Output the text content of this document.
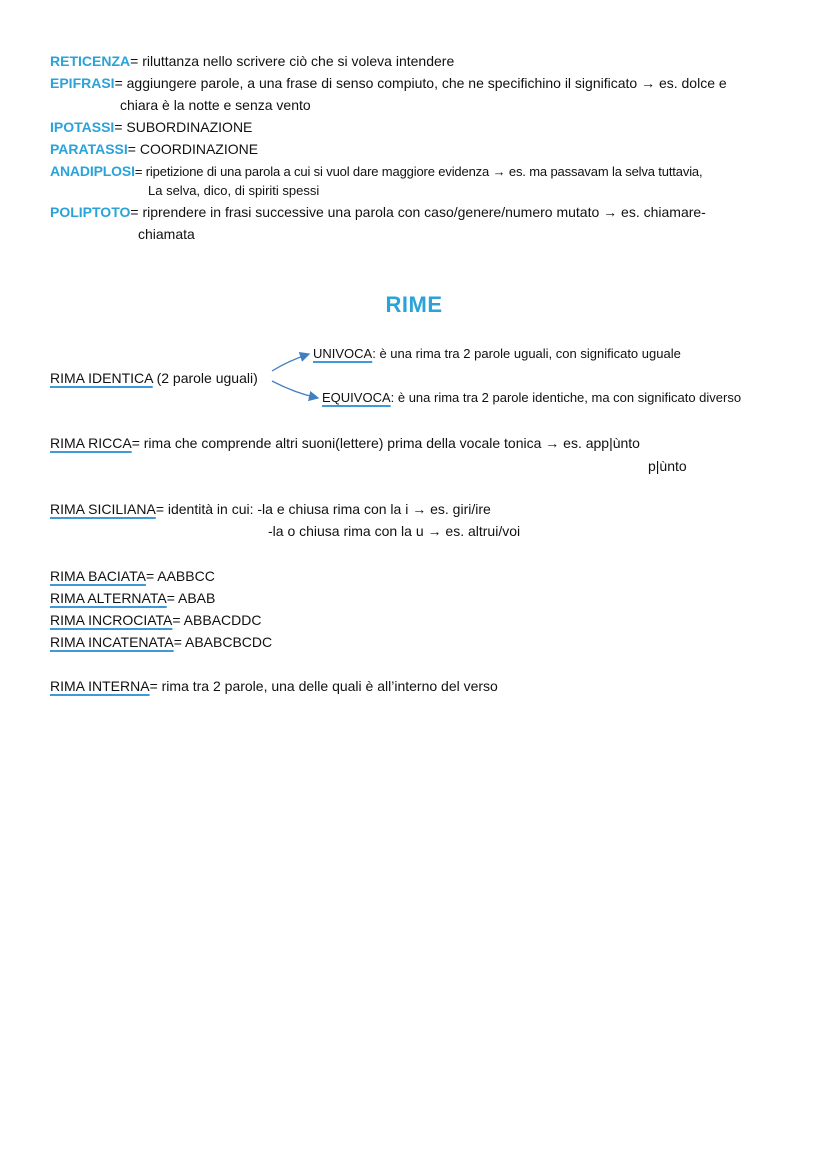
RETICENZA= riluttanza nello scrivere ciò che si voleva intendere
EPIFRASI= aggiungere parole, a una frase di senso compiuto, che ne specifichino il significato → es. dolce e
chiara è la notte e senza vento
IPOTASSI= SUBORDINAZIONE
PARATASSI= COORDINAZIONE
ANADIPLOSI= ripetizione di una parola a cui si vuol dare maggiore evidenza → es. ma passavam la selva tuttavia,
La selva, dico, di spiriti spessi
POLIPTOTO= riprendere in frasi successive una parola con caso/genere/numero mutato → es. chiamare-
chiamata
RIME
UNIVOCA: è una rima tra 2 parole uguali, con significato uguale
RIMA IDENTICA (2 parole uguali)
EQUIVOCA: è una rima tra 2 parole identiche, ma con significato diverso
RIMA RICCA= rima che comprende altri suoni(lettere) prima della vocale tonica → es. app|ùnto
p|ùnto
RIMA SICILIANA= identità in cui: -la e chiusa rima con la i → es. giri/ire
-la o chiusa rima con la u → es. altrui/voi
RIMA BACIATA= AABBCC
RIMA ALTERNATA= ABAB
RIMA INCROCIATA= ABBACDDC
RIMA INCATENATA= ABABCBCDC
RIMA INTERNA= rima tra 2 parole, una delle quali è all’interno del verso
